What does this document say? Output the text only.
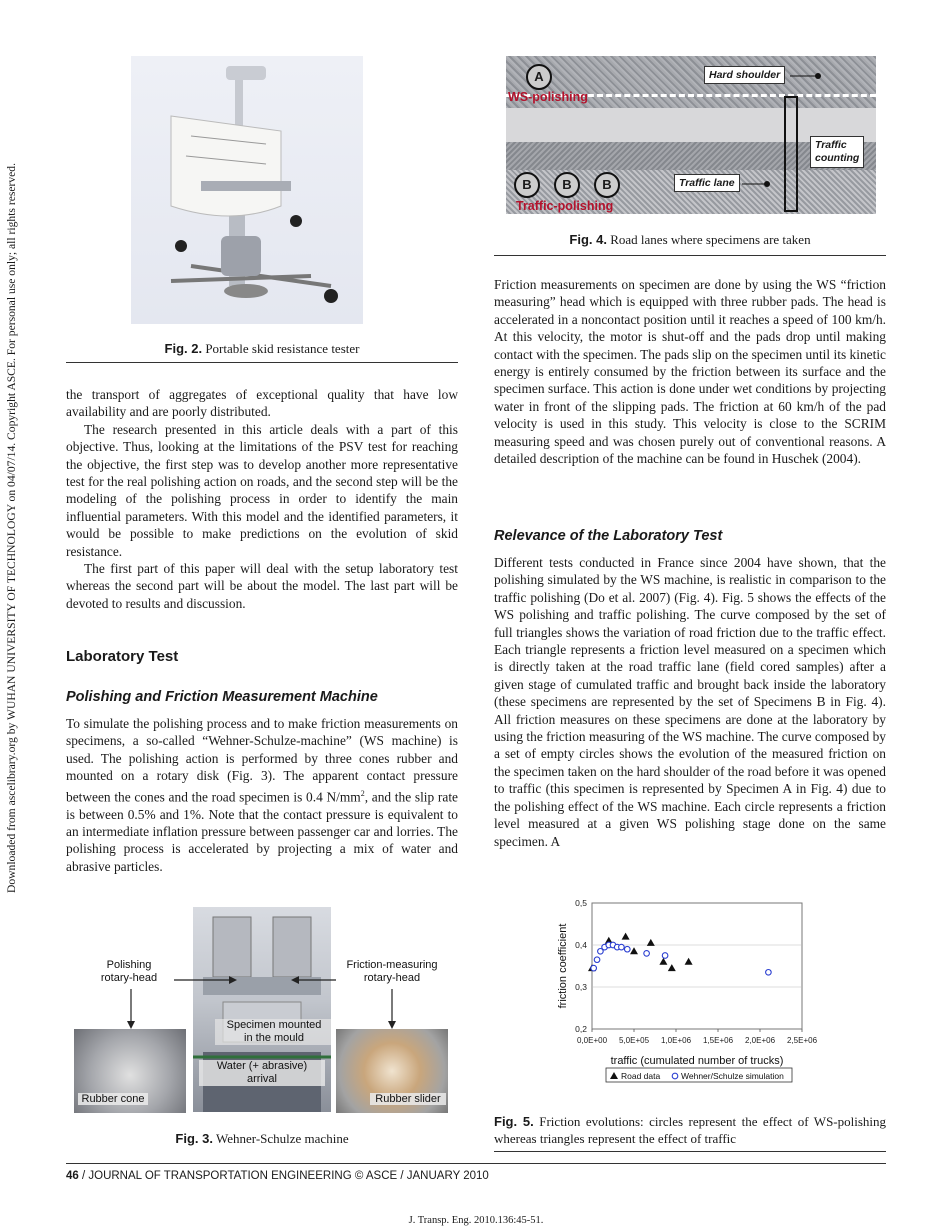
Downloaded from ascelibrary.org by WUHAN UNIVERSITY OF TECHNOLOGY on 04/07/14. Copyright ASCE. For personal use only; all rights reserved.	Fig. 2. Portable skid resistance tester

the transport of aggregates of exceptional quality that have low availability and are poorly distributed.

The research presented in this article deals with a part of this objective. Thus, looking at the limitations of the PSV test for reaching the objective, the first step was to develop another more representative test for the real polishing action on roads, and the second step will be the modeling of the polishing process in order to identify the main influential parameters. With this model and the identified parameters, it would be possible to make predictions on the evolution of skid resistance.

The first part of this paper will deal with the setup laboratory test whereas the second part will be about the model. The last part will be devoted to results and discussion.

Laboratory Test
Polishing and Friction Measurement Machine

To simulate the polishing process and to make friction measurements on specimens, a so-called “Wehner-Schulze-machine” (WS machine) is used. The polishing action is performed by three cones rubber and mounted on a rotary disk (Fig. 3). The apparent contact pressure between the cones and the road specimen is 0.4 $N/mm^2$, and the slip rate is between 0.5% and 1%. Note that the contact pressure is equivalent to an intermediate inflation pressure between passenger car and lorries. The polishing process is accelerated by projecting a mix of water and abrasive particles.

Specimen mounted
in the mould
Water (+ abrasive)
arrival
Rubber cone	Rubber slider
Polishing
rotary-head
Friction-measuring
rotary-head
Fig. 3. Wehner-Schulze machine
Hard shoulder
Traffic
counting
Traffic lane
A
WS-polishing
B	B	B
Traffic-polishing
Fig. 4. Road lanes where specimens are taken

Friction measurements on specimen are done by using the WS “friction measuring” head which is equipped with three rubber pads. The head is accelerated in a noncontact position until it reaches a speed of 100 km/h. At this velocity, the motor is shut-off and the pads drop until making contact with the specimen. The pads slip on the specimen until its kinetic energy is entirely consumed by the friction between its surface and the specimen surface. This action is done under wet conditions by projecting water in front of the slipping pads. The friction at 60 km/h of the pad velocity is used in this study. This velocity is close to the SCRIM measuring speed and was chosen purely out of conventional reasons. A detailed description of the machine can be found in Huschek (2004).

Relevance of the Laboratory Test

Different tests conducted in France since 2004 have shown, that the polishing simulated by the WS machine, is realistic in comparison to the traffic polishing (Do et al. 2007) (Fig. 4). Fig. 5 shows the effects of the WS polishing and traffic polishing. The curve composed by the set of full triangles shows the variation of road friction due to the traffic effect. Each triangle represents a friction level measured on a specimen which is directly taken at the road traffic lane (field cored samples) after a given stage of cumulated traffic and brought back inside the laboratory (these specimens are represented by the set of Specimens B in Fig. 4). All friction measures on these specimens are done at the laboratory by using the friction measuring of the WS machine. The curve composed by a set of empty circles shows the evolution of the measured friction on the specimen taken on the hard shoulder of the road before it was opened to traffic (this specimen is represented by Specimen A in Fig. 4) due to the polishing effect of the WS machine. Each circle represents a friction level measured at a given WS polishing stage done on the same specimen. A

0,2
0,3
0,4
0,5
0,0E+00 5,0E+05 1,0E+06 1,5E+06 2,0E+06 2,5E+06
traffic (cumulated number of trucks)
friction coefficient
Road data Wehner/Schulze simulation
Fig. 5. Friction evolutions: circles represent the effect of WS-polishing whereas triangles represent the effect of traffic
46 / JOURNAL OF TRANSPORTATION ENGINEERING © ASCE / JANUARY 2010
J. Transp. Eng. 2010.136:45-51.
